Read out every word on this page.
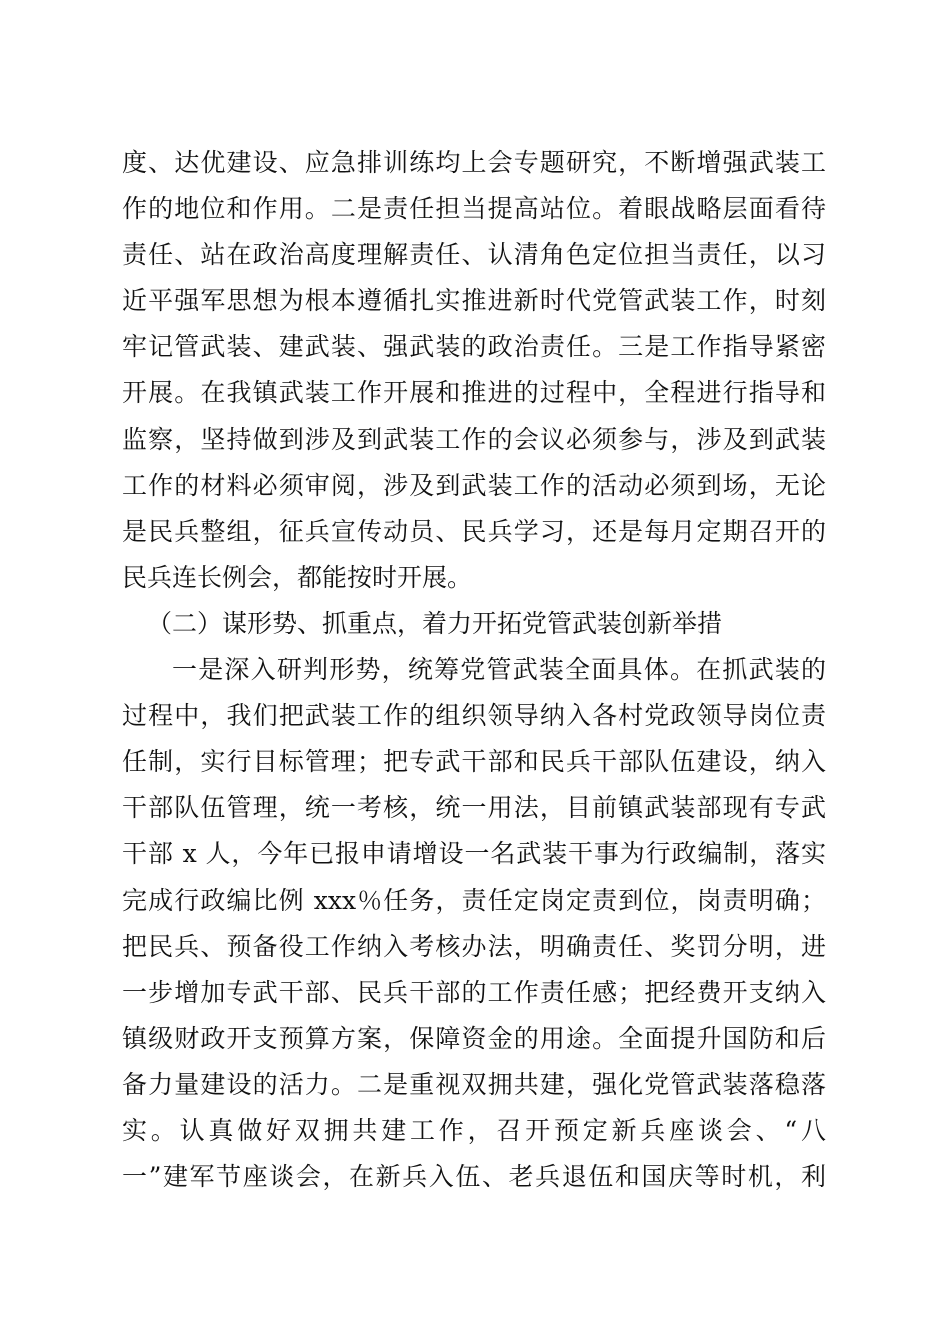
度、达优建设、应急排训练均上会专题研究，不断增强武装工
作的地位和作用。二是责任担当提高站位。着眼战略层面看待
责任、站在政治高度理解责任、认清角色定位担当责任，以习
近平强军思想为根本遵循扎实推进新时代党管武装工作，时刻
牢记管武装、建武装、强武装的政治责任。三是工作指导紧密
开展。在我镇武装工作开展和推进的过程中，全程进行指导和
监察，坚持做到涉及到武装工作的会议必须参与，涉及到武装
工作的材料必须审阅，涉及到武装工作的活动必须到场，无论
是民兵整组，征兵宣传动员、民兵学习，还是每月定期召开的
民兵连长例会，都能按时开展。
（二）谋形势、抓重点，着力开拓党管武装创新举措
一是深入研判形势，统筹党管武装全面具体。在抓武装的
过程中，我们把武装工作的组织领导纳入各村党政领导岗位责
任制，实行目标管理；把专武干部和民兵干部队伍建设，纳入
干部队伍管理，统一考核，统一用法，目前镇武装部现有专武
干部 x 人，今年已报申请增设一名武装干事为行政编制，落实
完成行政编比例 xxx％任务，责任定岗定责到位，岗责明确；
把民兵、预备役工作纳入考核办法，明确责任、奖罚分明，进
一步增加专武干部、民兵干部的工作责任感；把经费开支纳入
镇级财政开支预算方案，保障资金的用途。全面提升国防和后
备力量建设的活力。二是重视双拥共建，强化党管武装落稳落
实。认真做好双拥共建工作，召开预定新兵座谈会、“八
一”建军节座谈会，在新兵入伍、老兵退伍和国庆等时机，利
